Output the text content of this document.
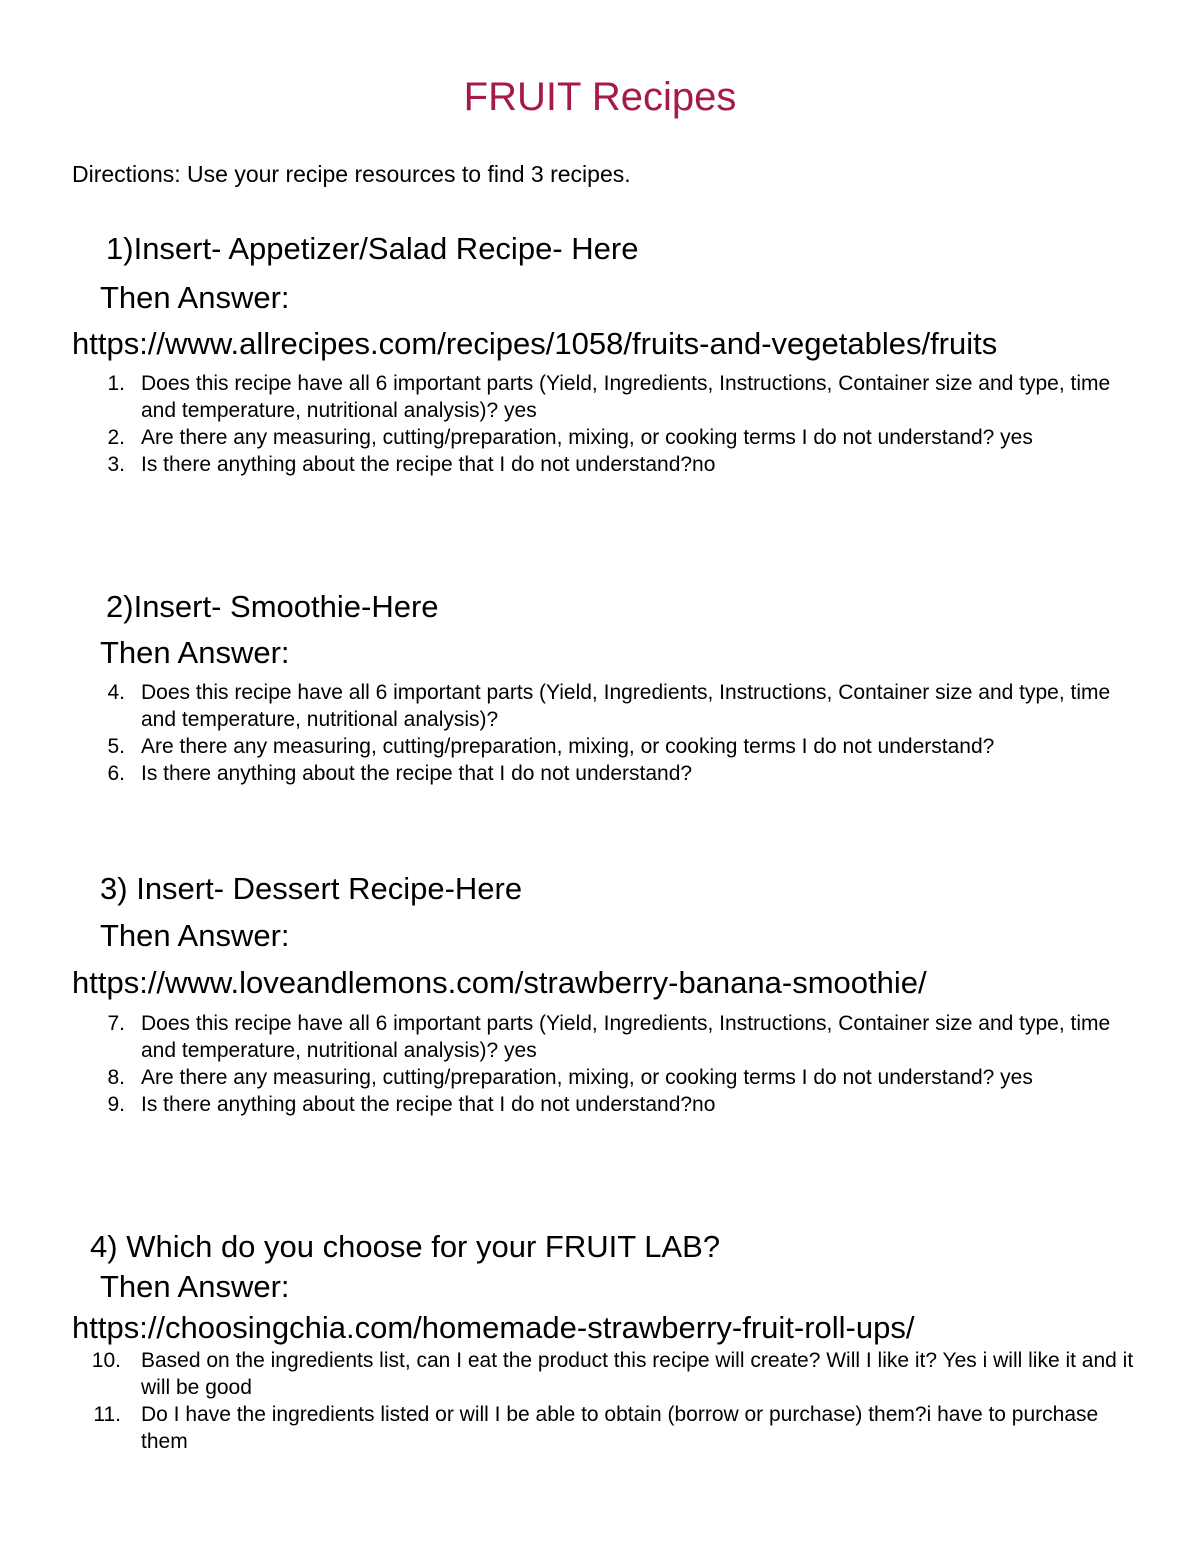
FRUIT Recipes
Directions: Use your recipe resources to find 3 recipes.
1)Insert- Appetizer/Salad Recipe- Here
Then Answer:
https://www.allrecipes.com/recipes/1058/fruits-and-vegetables/fruits
1. Does this recipe have all 6 important parts (Yield, Ingredients, Instructions, Container size and type, time and temperature, nutritional analysis)? yes
2. Are there any measuring, cutting/preparation, mixing, or cooking terms I do not understand? yes
3. Is there anything about the recipe that I do not understand?no
2)Insert- Smoothie-Here
Then Answer:
4. Does this recipe have all 6 important parts (Yield, Ingredients, Instructions, Container size and type, time and temperature, nutritional analysis)?
5. Are there any measuring, cutting/preparation, mixing, or cooking terms I do not understand?
6. Is there anything about the recipe that I do not understand?
3) Insert- Dessert Recipe-Here
Then Answer:
https://www.loveandlemons.com/strawberry-banana-smoothie/
7. Does this recipe have all 6 important parts (Yield, Ingredients, Instructions, Container size and type, time and temperature, nutritional analysis)? yes
8. Are there any measuring, cutting/preparation, mixing, or cooking terms I do not understand? yes
9. Is there anything about the recipe that I do not understand?no
4) Which do you choose for your FRUIT LAB?
Then Answer:
https://choosingchia.com/homemade-strawberry-fruit-roll-ups/
10. Based on the ingredients list, can I eat the product this recipe will create? Will I like it? Yes i will like it and it will be good
11. Do I have the ingredients listed or will I be able to obtain (borrow or purchase) them?i have to purchase them
